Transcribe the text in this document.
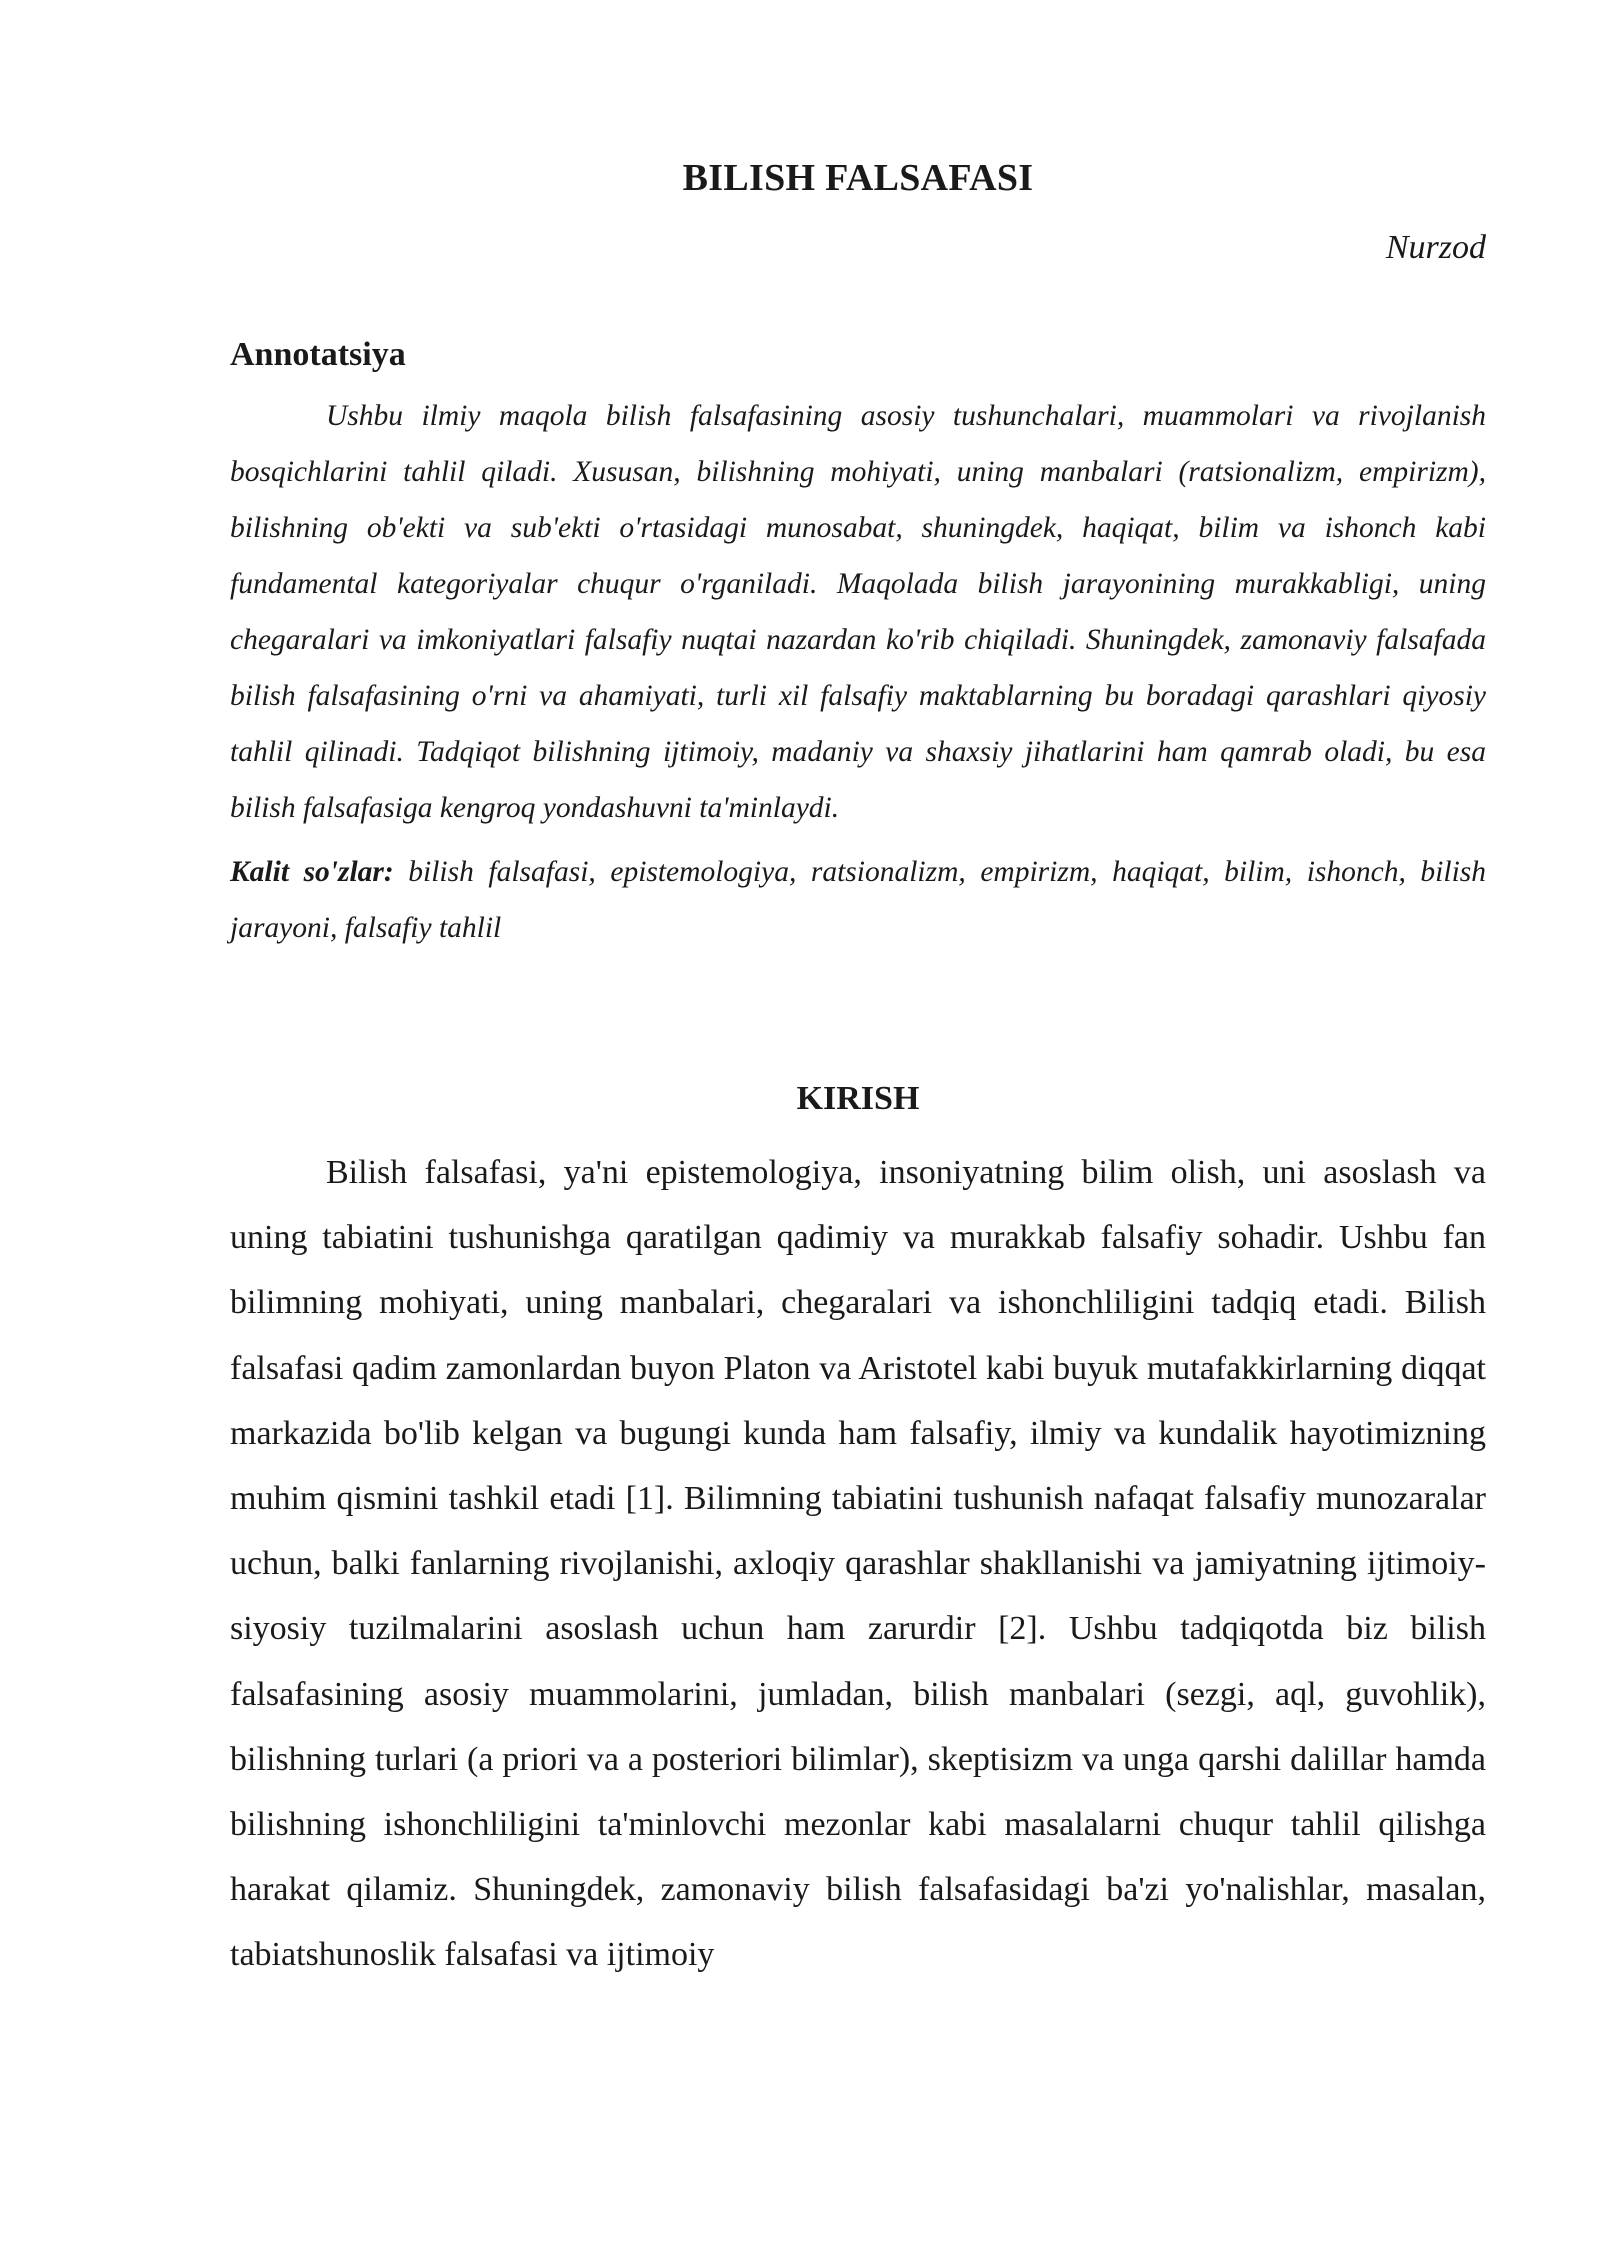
BILISH FALSAFASI

Nurzod

Annotatsiya

Ushbu ilmiy maqola bilish falsafasining asosiy tushunchalari, muammolari va rivojlanish bosqichlarini tahlil qiladi. Xususan, bilishning mohiyati, uning manbalari (ratsionalizm, empirizm), bilishning ob'ekti va sub'ekti o'rtasidagi munosabat, shuningdek, haqiqat, bilim va ishonch kabi fundamental kategoriyalar chuqur o'rganiladi. Maqolada bilish jarayonining murakkabligi, uning chegaralari va imkoniyatlari falsafiy nuqtai nazardan ko'rib chiqiladi. Shuningdek, zamonaviy falsafada bilish falsafasining o'rni va ahamiyati, turli xil falsafiy maktablarning bu boradagi qarashlari qiyosiy tahlil qilinadi. Tadqiqot bilishning ijtimoiy, madaniy va shaxsiy jihatlarini ham qamrab oladi, bu esa bilish falsafasiga kengroq yondashuvni ta'minlaydi.

Kalit so'zlar: bilish falsafasi, epistemologiya, ratsionalizm, empirizm, haqiqat, bilim, ishonch, bilish jarayoni, falsafiy tahlil

KIRISH

Bilish falsafasi, ya'ni epistemologiya, insoniyatning bilim olish, uni asoslash va uning tabiatini tushunishga qaratilgan qadimiy va murakkab falsafiy sohadir. Ushbu fan bilimning mohiyati, uning manbalari, chegaralari va ishonchliligini tadqiq etadi. Bilish falsafasi qadim zamonlardan buyon Platon va Aristotel kabi buyuk mutafakkirlarning diqqat markazida bo'lib kelgan va bugungi kunda ham falsafiy, ilmiy va kundalik hayotimizning muhim qismini tashkil etadi [1]. Bilimning tabiatini tushunish nafaqat falsafiy munozaralar uchun, balki fanlarning rivojlanishi, axloqiy qarashlar shakllanishi va jamiyatning ijtimoiy-siyosiy tuzilmalarini asoslash uchun ham zarurdir [2]. Ushbu tadqiqotda biz bilish falsafasining asosiy muammolarini, jumladan, bilish manbalari (sezgi, aql, guvohlik), bilishning turlari (a priori va a posteriori bilimlar), skeptisizm va unga qarshi dalillar hamda bilishning ishonchliligini ta'minlovchi mezonlar kabi masalalarni chuqur tahlil qilishga harakat qilamiz. Shuningdek, zamonaviy bilish falsafasidagi ba'zi yo'nalishlar, masalan, tabiatshunoslik falsafasi va ijtimoiy
